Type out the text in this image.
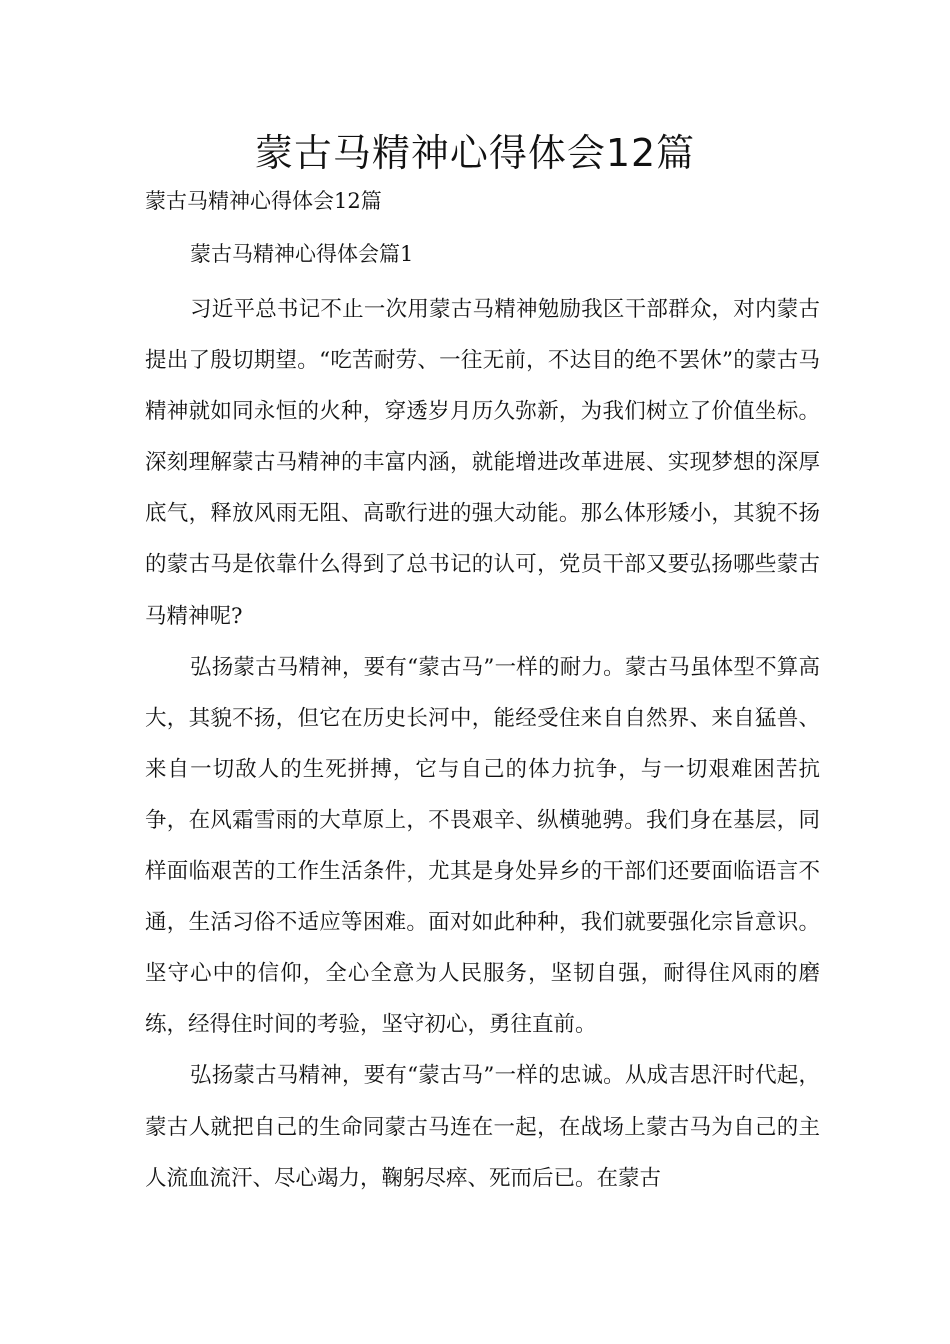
蒙古马精神心得体会12篇

蒙古马精神心得体会12篇

蒙古马精神心得体会篇1

习近平总书记不止一次用蒙古马精神勉励我区干部群众，对内蒙古提出了殷切期望。“吃苦耐劳、一往无前，不达目的绝不罢休”的蒙古马精神就如同永恒的火种，穿透岁月历久弥新，为我们树立了价值坐标。深刻理解蒙古马精神的丰富内涵，就能增进改革进展、实现梦想的深厚底气，释放风雨无阻、高歌行进的强大动能。那么体形矮小，其貌不扬的蒙古马是依靠什么得到了总书记的认可，党员干部又要弘扬哪些蒙古马精神呢?

弘扬蒙古马精神，要有“蒙古马”一样的耐力。蒙古马虽体型不算高大，其貌不扬，但它在历史长河中，能经受住来自自然界、来自猛兽、来自一切敌人的生死拼搏，它与自己的体力抗争，与一切艰难困苦抗争，在风霜雪雨的大草原上，不畏艰辛、纵横驰骋。我们身在基层，同样面临艰苦的工作生活条件，尤其是身处异乡的干部们还要面临语言不通，生活习俗不适应等困难。面对如此种种，我们就要强化宗旨意识。坚守心中的信仰，全心全意为人民服务，坚韧自强，耐得住风雨的磨练，经得住时间的考验，坚守初心，勇往直前。

弘扬蒙古马精神，要有“蒙古马”一样的忠诚。从成吉思汗时代起，蒙古人就把自己的生命同蒙古马连在一起，在战场上蒙古马为自己的主人流血流汗、尽心竭力，鞠躬尽瘁、死而后已。在蒙古
